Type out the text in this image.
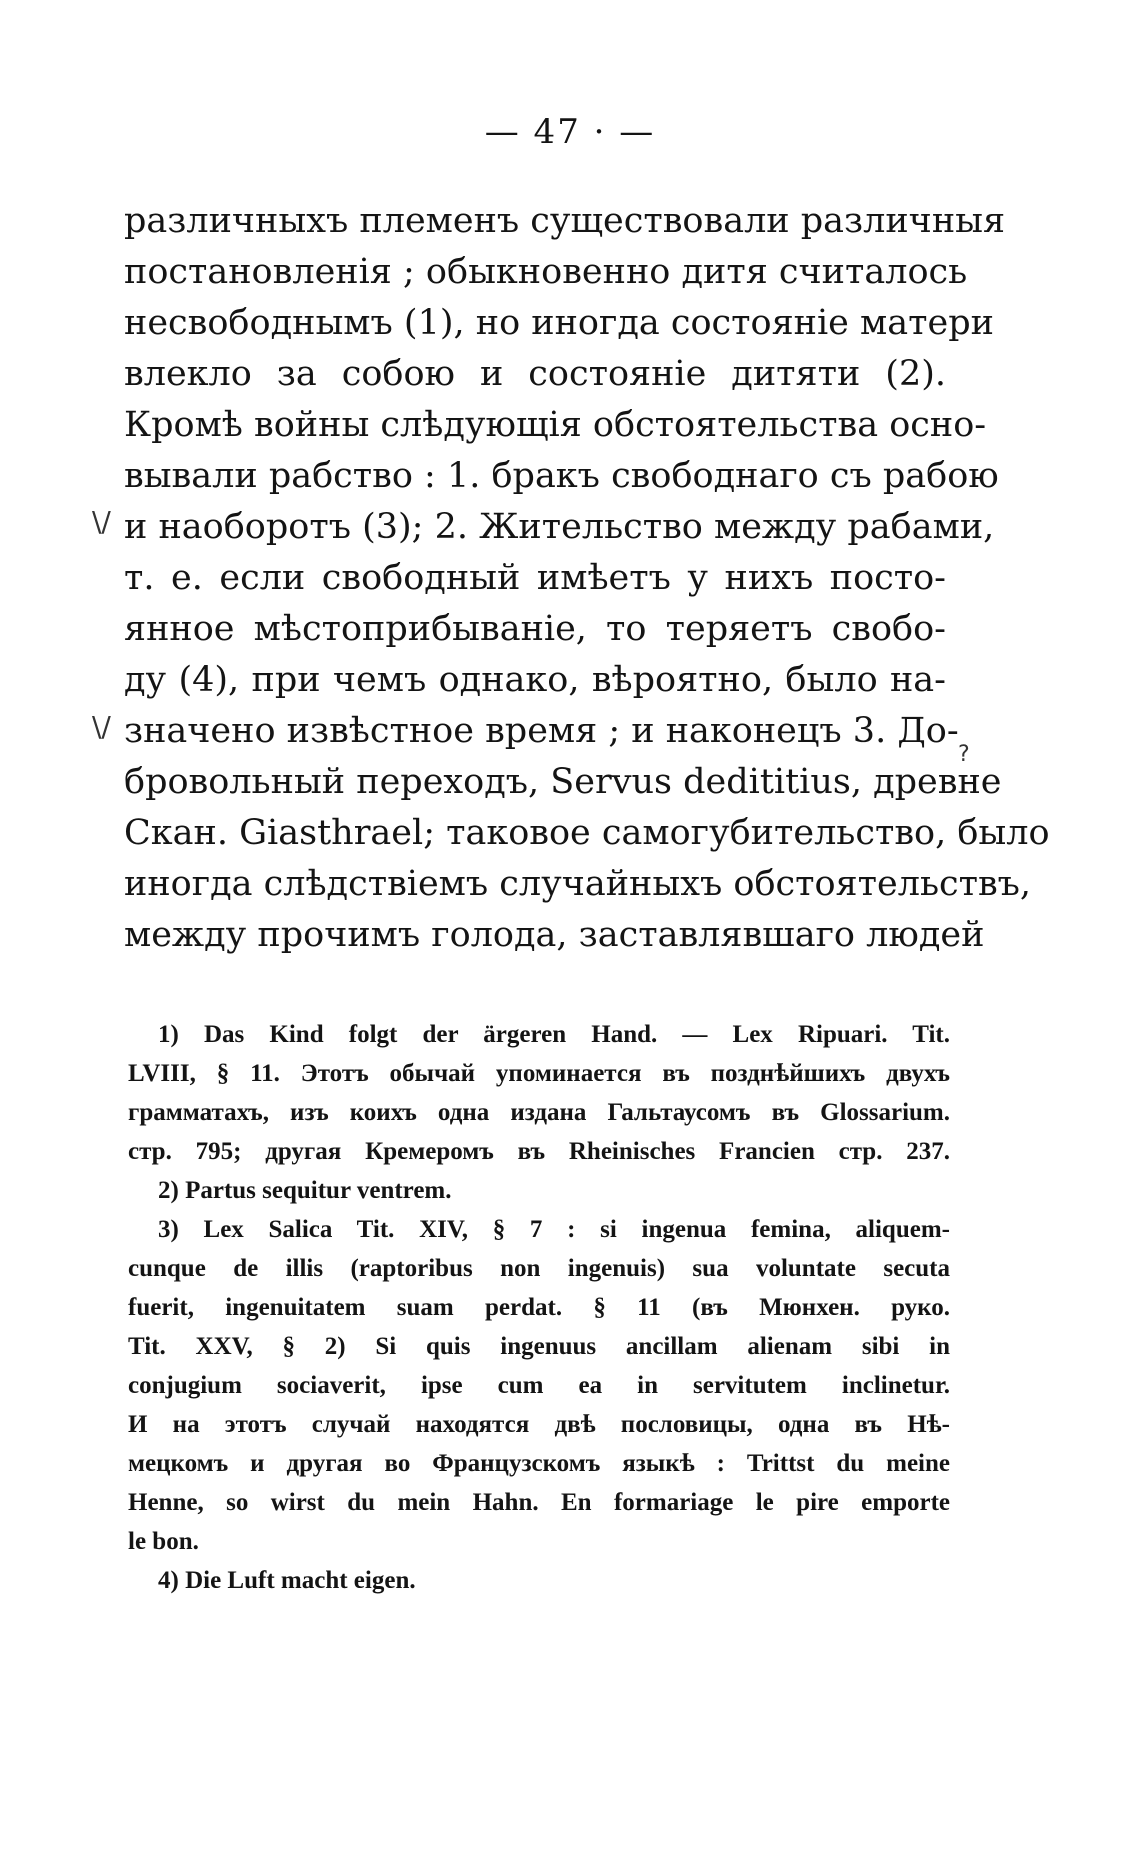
— 47 · —
различныхъ племенъ существовали различныя
постановленія ; обыкновенно дитя считалось
несвободнымъ (1), но иногда состояніе матери
влекло за собою и состояніе дитяти (2).
Кромѣ войны слѣдующія обстоятельства осно-
вывали рабство : 1. бракъ свободнаго съ рабою
и наоборотъ (3); 2. Жительство между рабами,
т. е. если свободный имѣетъ у нихъ посто-
янное мѣстоприбываніе, то теряетъ свобо-
ду (4), при чемъ однако, вѣроятно, было на-
значено извѣстное время ; и наконецъ 3. До-
бровольный переходъ, Servus dedititius, древне
Скан. Giasthrael; таковое самогубительство, было
иногда слѣдствіемъ случайныхъ обстоятельствъ,
между прочимъ голода, заставлявшаго людей
1) Das Kind folgt der ärgeren Hand. — Lex Ripuari. Tit.
LVIII, § 11. Этотъ обычай упоминается въ позднѣйшихъ двухъ
грамматахъ, изъ коихъ одна издана Гальтаусомъ въ Glossarium.
стр. 795; другая Кремеромъ въ Rheinisches Francien стр. 237.
2) Partus sequitur ventrem.
3) Lex Salica Tit. XIV, § 7 : si ingenua femina, aliquem-
cunque de illis (raptoribus non ingenuis) sua voluntate secuta
fuerit, ingenuitatem suam perdat. § 11 (въ Мюнхен. руко.
Tit. XXV, § 2) Si quis ingenuus ancillam alienam sibi in
conjugium sociaverit, ipse cum ea in servitutem inclinetur.
И на этотъ случай находятся двѣ пословицы, одна въ Нѣ-
мецкомъ и другая во Французскомъ языкѣ : Trittst du meine
Henne, so wirst du mein Hahn. En formariage le pire emporte
le bon.
4) Die Luft macht eigen.
\/
\/
?
